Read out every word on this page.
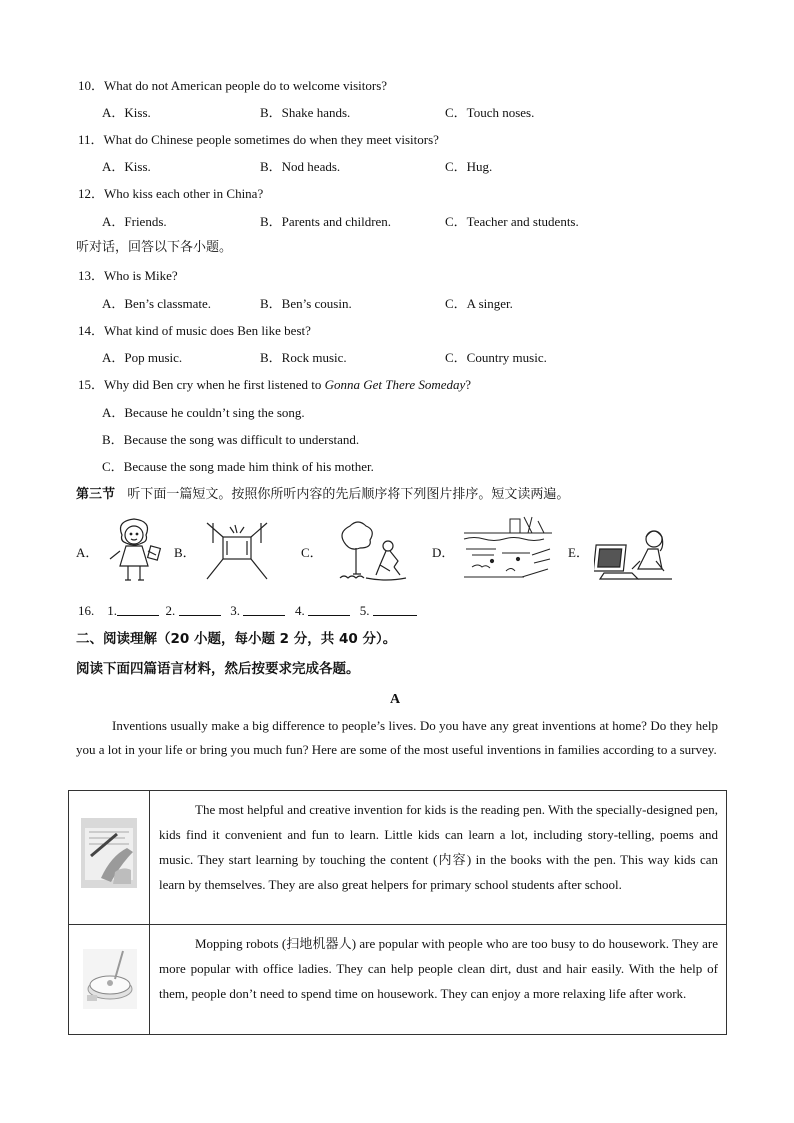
10．What do not American people do to welcome visitors?
A．Kiss.	B．Shake hands.	C．Touch noses.
11．What do Chinese people sometimes do when they meet visitors?
A．Kiss.	B．Nod heads.	C．Hug.
12．Who kiss each other in China?
A．Friends.	B．Parents and children.	C．Teacher and students.
听对话，回答以下各小题。
13．Who is Mike?
A．Ben’s classmate.	B．Ben’s cousin.	C．A singer.
14．What kind of music does Ben like best?
A．Pop music.	B．Rock music.	C．Country music.
15．Why did Ben cry when he first listened to Gonna Get There Someday?
A．Because he couldn’t sing the song.
B．Because the song was difficult to understand.
C．Because the song made him think of his mother.
第三节 听下面一篇短文。按照你所听内容的先后顺序将下列图片排序。短文读两遍。
A．	B．	C．	D．	E．
16. 1.	2.	3.	4.	5.
二、阅读理解（20 小题，每小题 2 分，共 40 分）。
阅读下面四篇语言材料，然后按要求完成各题。
A
Inventions usually make a big difference to people’s lives. Do you have any great inventions at home? Do they help you a lot in your life or bring you much fun? Here are some of the most useful inventions in families according to a survey.

The most helpful and creative invention for kids is the reading pen. With the specially-designed pen, kids find it convenient and fun to learn. Little kids can learn a lot, including story-telling, poems and music. They start learning by touching the content (内容) in the books with the pen. This way kids can learn by themselves. They are also great helpers for primary school students after school.

Mopping robots (扫地机器人) are popular with people who are too busy to do housework. They are more popular with office ladies. They can help people clean dirt, dust and hair easily. With the help of them, people don’t need to spend time on housework. They can enjoy a more relaxing life after work.
